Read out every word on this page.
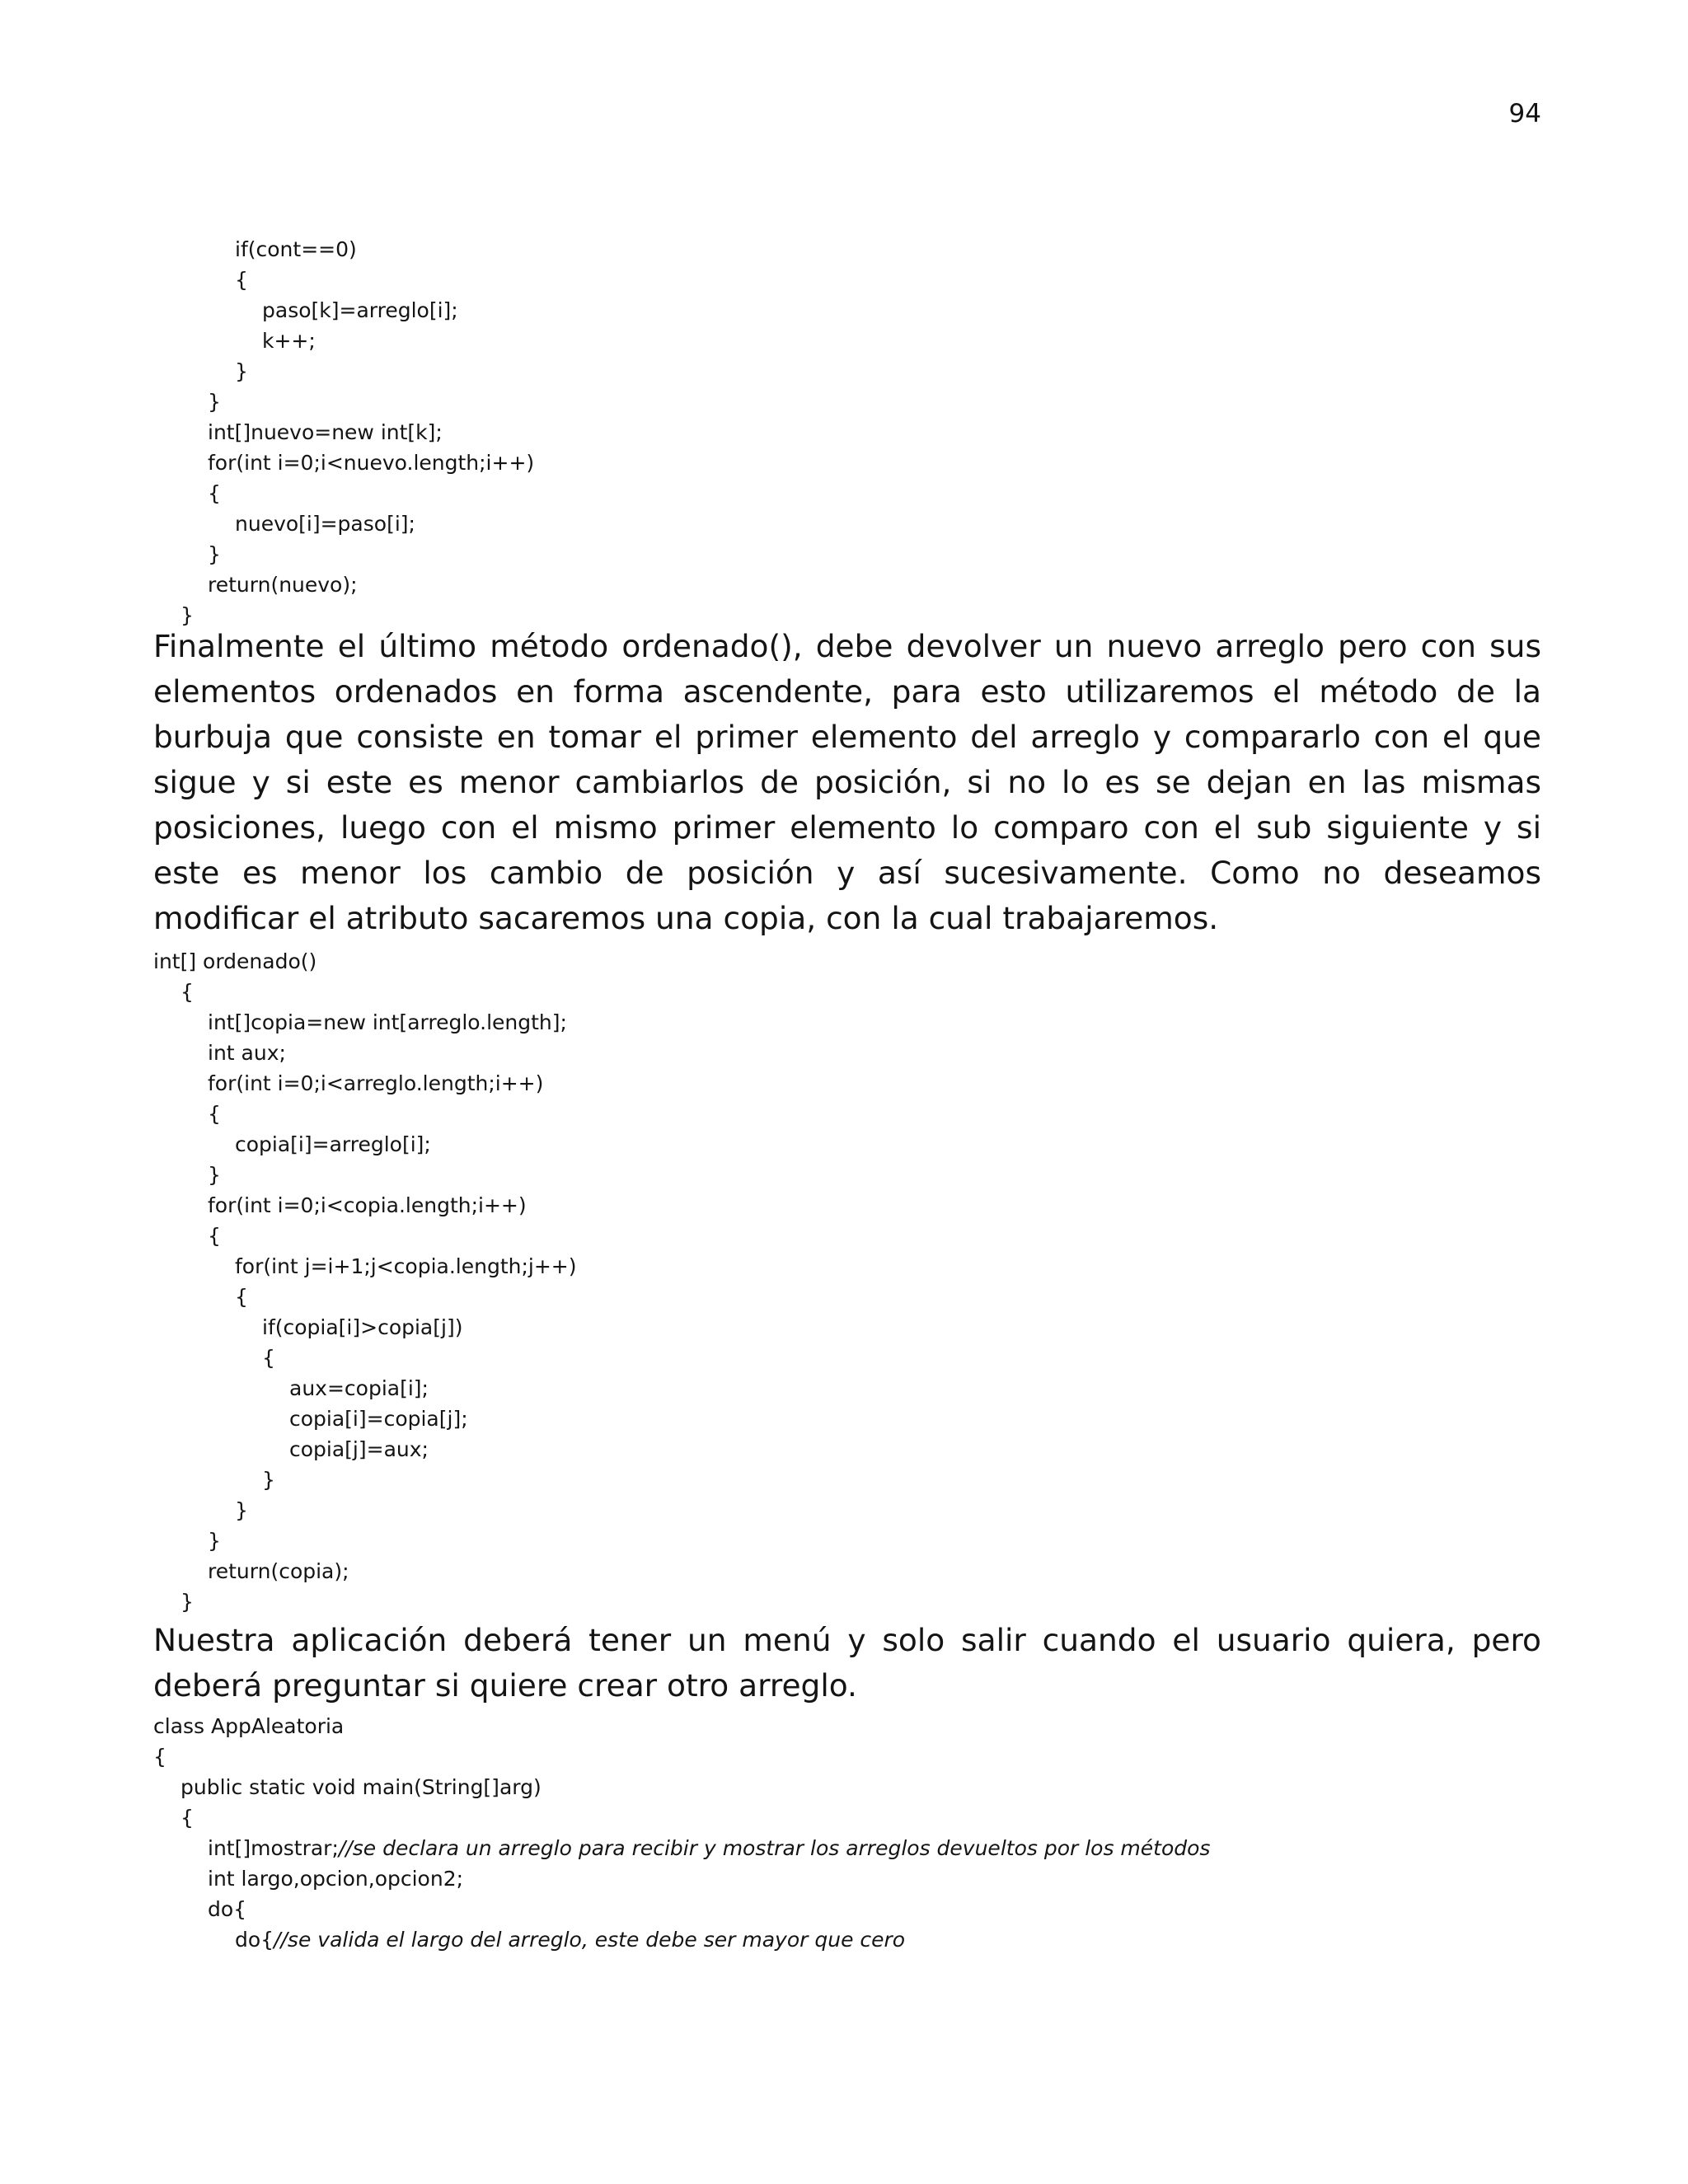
94
if(cont==0)
{
paso[k]=arreglo[i];
k++;
}
}
int[]nuevo=new int[k];
for(int i=0;i<nuevo.length;i++)
{
nuevo[i]=paso[i];
}
return(nuevo);
}

Finalmente el último método ordenado(), debe devolver un nuevo arreglo pero con sus elementos ordenados en forma ascendente, para esto utilizaremos el método de la burbuja que consiste en tomar el primer elemento del arreglo y compararlo con el que sigue y si este es menor cambiarlos de posición, si no lo es se dejan en las mismas posiciones, luego con el mismo primer elemento lo comparo con el sub siguiente y si este es menor los cambio de posición y así sucesivamente. Como no deseamos modificar el atributo sacaremos una copia, con la cual trabajaremos.

int[] ordenado()
{
int[]copia=new int[arreglo.length];
int aux;
for(int i=0;i<arreglo.length;i++)
{
copia[i]=arreglo[i];
}
for(int i=0;i<copia.length;i++)
{
for(int j=i+1;j<copia.length;j++)
{
if(copia[i]>copia[j])
{
aux=copia[i];
copia[i]=copia[j];
copia[j]=aux;
}
}
}
return(copia);
}

Nuestra aplicación deberá tener un menú y solo salir cuando el usuario quiera, pero deberá preguntar si quiere crear otro arreglo.

class AppAleatoria
{
public static void main(String[]arg)
{
int[]mostrar;//se declara un arreglo para recibir y mostrar los arreglos devueltos por los métodos
int largo,opcion,opcion2;
do{
do{//se valida el largo del arreglo, este debe ser mayor que cero
